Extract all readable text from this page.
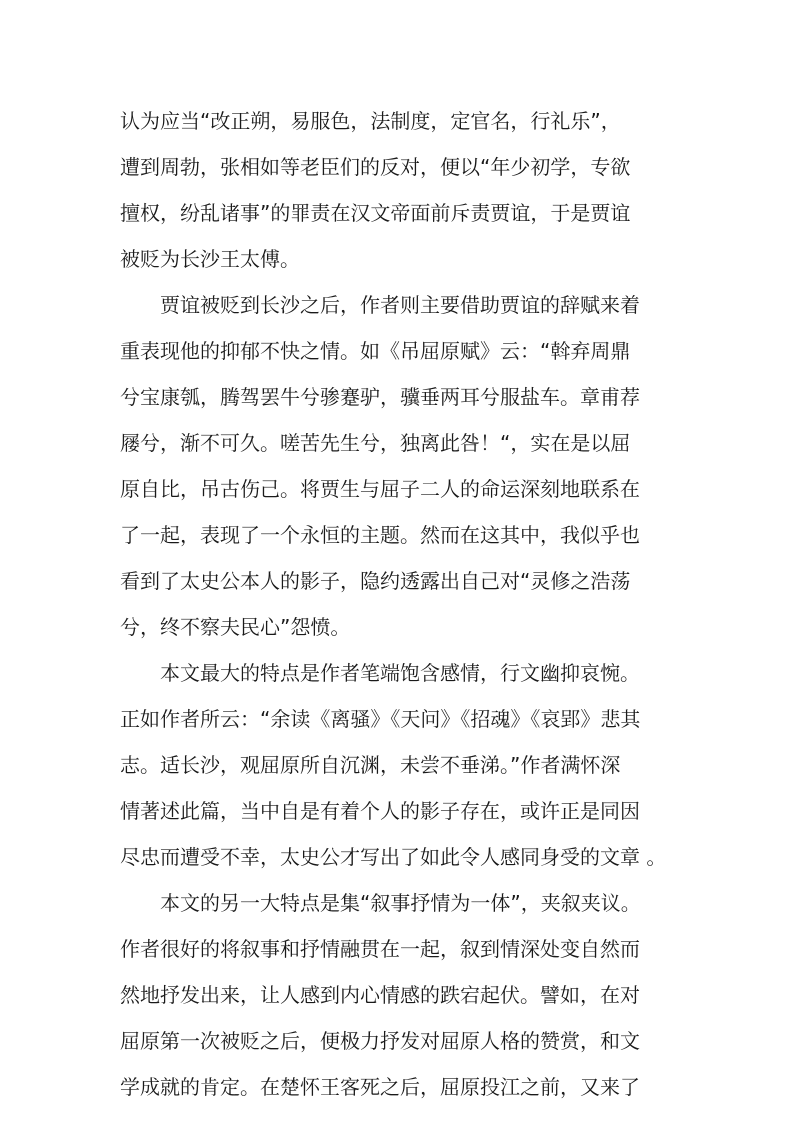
认为应当“改正朔，易服色，法制度，定官名，行礼乐”，
遭到周勃，张相如等老臣们的反对，便以“年少初学，专欲
擅权，纷乱诸事”的罪责在汉文帝面前斥责贾谊，于是贾谊
被贬为长沙王太傅。
贾谊被贬到长沙之后，作者则主要借助贾谊的辞赋来着
重表现他的抑郁不快之情。如《吊屈原赋》云：“斡弃周鼎
兮宝康瓠，腾驾罢牛兮骖蹇驴，骥垂两耳兮服盐车。章甫荐
屦兮，渐不可久。嗟苦先生兮，独离此咎！“，实在是以屈
原自比，吊古伤己。将贾生与屈子二人的命运深刻地联系在
了一起，表现了一个永恒的主题。然而在这其中，我似乎也
看到了太史公本人的影子，隐约透露出自己对“灵修之浩荡
兮，终不察夫民心”怨愤。
本文最大的特点是作者笔端饱含感情，行文幽抑哀惋。
正如作者所云：“余读《离骚》《天问》《招魂》《哀郢》悲其
志。适长沙，观屈原所自沉渊，未尝不垂涕。”作者满怀深
情著述此篇，当中自是有着个人的影子存在，或许正是同因
尽忠而遭受不幸，太史公才写出了如此令人感同身受的文章 。
本文的另一大特点是集“叙事抒情为一体”，夹叙夹议。
作者很好的将叙事和抒情融贯在一起，叙到情深处变自然而
然地抒发出来，让人感到内心情感的跌宕起伏。譬如，在对
屈原第一次被贬之后，便极力抒发对屈原人格的赞赏，和文
学成就的肯定。在楚怀王客死之后，屈原投江之前，又来了
